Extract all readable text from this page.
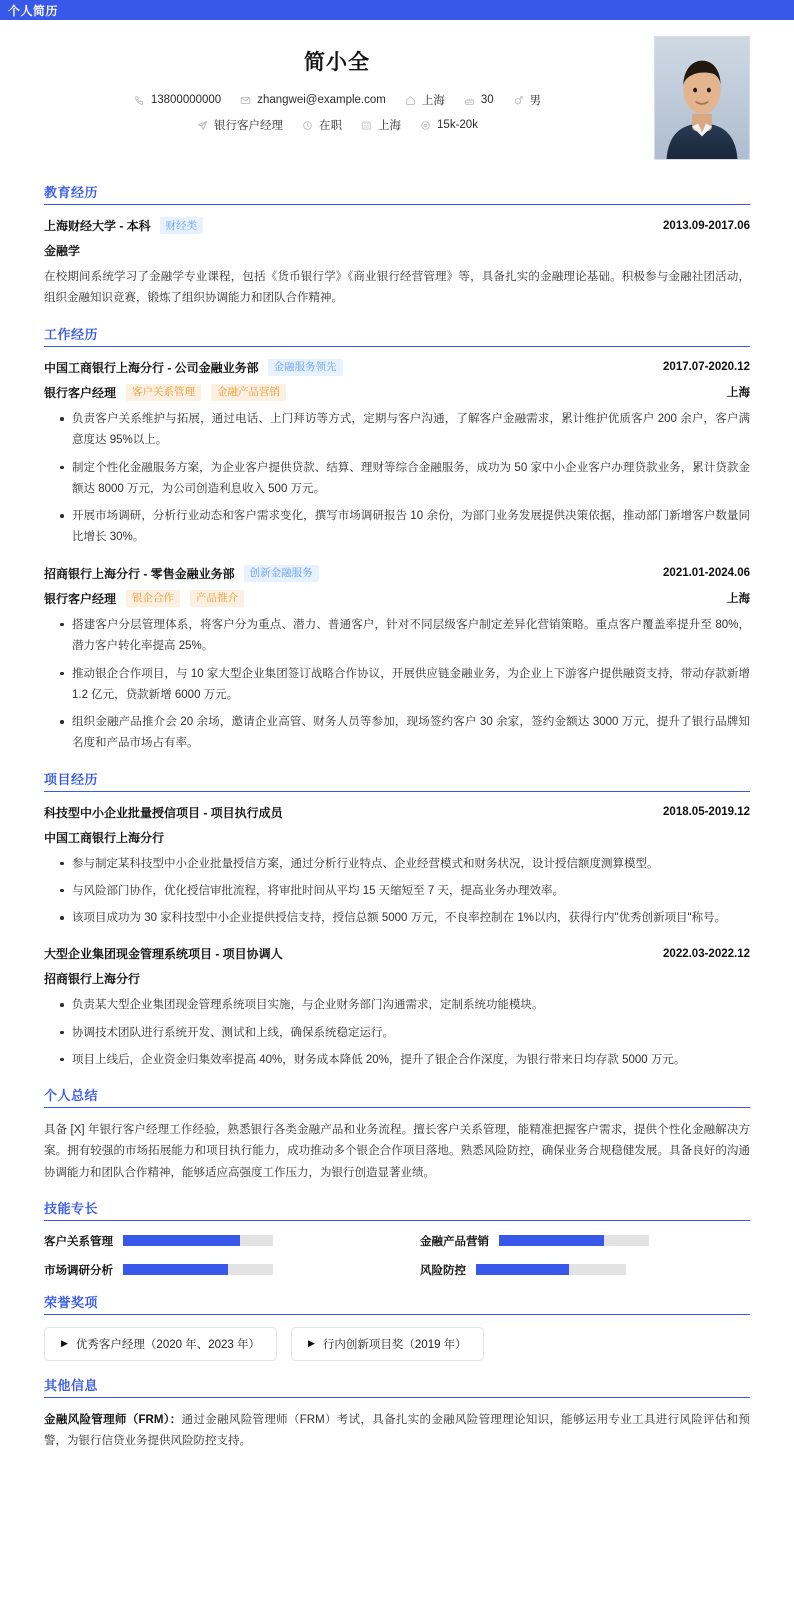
个人简历
简小全
13800000000	zhangwei@example.com	上海	30	男
银行客户经理	在职	上海	15k-20k
教育经历
上海财经大学 - 本科	财经类	2013.09-2017.06
金融学
在校期间系统学习了金融学专业课程，包括《货币银行学》《商业银行经营管理》等，具备扎实的金融理论基础。积极参与金融社团活动，组织金融知识竞赛，锻炼了组织协调能力和团队合作精神。
工作经历
中国工商银行上海分行 - 公司金融业务部	金融服务领先	2017.07-2020.12
银行客户经理	客户关系管理	金融产品营销	上海
负责客户关系维护与拓展，通过电话、上门拜访等方式，定期与客户沟通，了解客户金融需求，累计维护优质客户 200 余户，客户满意度达 95%以上。
制定个性化金融服务方案，为企业客户提供贷款、结算、理财等综合金融服务，成功为 50 家中小企业客户办理贷款业务，累计贷款金额达 8000 万元，为公司创造利息收入 500 万元。
开展市场调研，分析行业动态和客户需求变化，撰写市场调研报告 10 余份，为部门业务发展提供决策依据，推动部门新增客户数量同比增长 30%。
招商银行上海分行 - 零售金融业务部	创新金融服务	2021.01-2024.06
银行客户经理	银企合作	产品推介	上海
搭建客户分层管理体系，将客户分为重点、潜力、普通客户，针对不同层级客户制定差异化营销策略。重点客户覆盖率提升至 80%，潜力客户转化率提高 25%。
推动银企合作项目，与 10 家大型企业集团签订战略合作协议，开展供应链金融业务，为企业上下游客户提供融资支持，带动存款新增 1.2 亿元，贷款新增 6000 万元。
组织金融产品推介会 20 余场，邀请企业高管、财务人员等参加，现场签约客户 30 余家，签约金额达 3000 万元，提升了银行品牌知名度和产品市场占有率。
项目经历
科技型中小企业批量授信项目 - 项目执行成员	2018.05-2019.12
中国工商银行上海分行
参与制定某科技型中小企业批量授信方案，通过分析行业特点、企业经营模式和财务状况，设计授信额度测算模型。
与风险部门协作，优化授信审批流程，将审批时间从平均 15 天缩短至 7 天，提高业务办理效率。
该项目成功为 30 家科技型中小企业提供授信支持，授信总额 5000 万元，不良率控制在 1%以内，获得行内"优秀创新项目"称号。
大型企业集团现金管理系统项目 - 项目协调人	2022.03-2022.12
招商银行上海分行
负责某大型企业集团现金管理系统项目实施，与企业财务部门沟通需求，定制系统功能模块。
协调技术团队进行系统开发、测试和上线，确保系统稳定运行。
项目上线后，企业资金归集效率提高 40%，财务成本降低 20%，提升了银企合作深度，为银行带来日均存款 5000 万元。
个人总结
具备 [X] 年银行客户经理工作经验，熟悉银行各类金融产品和业务流程。擅长客户关系管理，能精准把握客户需求，提供个性化金融解决方案。拥有较强的市场拓展能力和项目执行能力，成功推动多个银企合作项目落地。熟悉风险防控，确保业务合规稳健发展。具备良好的沟通协调能力和团队合作精神，能够适应高强度工作压力，为银行创造显著业绩。
技能专长
客户关系管理	金融产品营销
市场调研分析	风险防控
荣誉奖项
▶ 优秀客户经理（2020 年、2023 年）	▶ 行内创新项目奖（2019 年）
其他信息
金融风险管理师（FRM）：通过金融风险管理师（FRM）考试，具备扎实的金融风险管理理论知识，能够运用专业工具进行风险评估和预警，为银行信贷业务提供风险防控支持。
